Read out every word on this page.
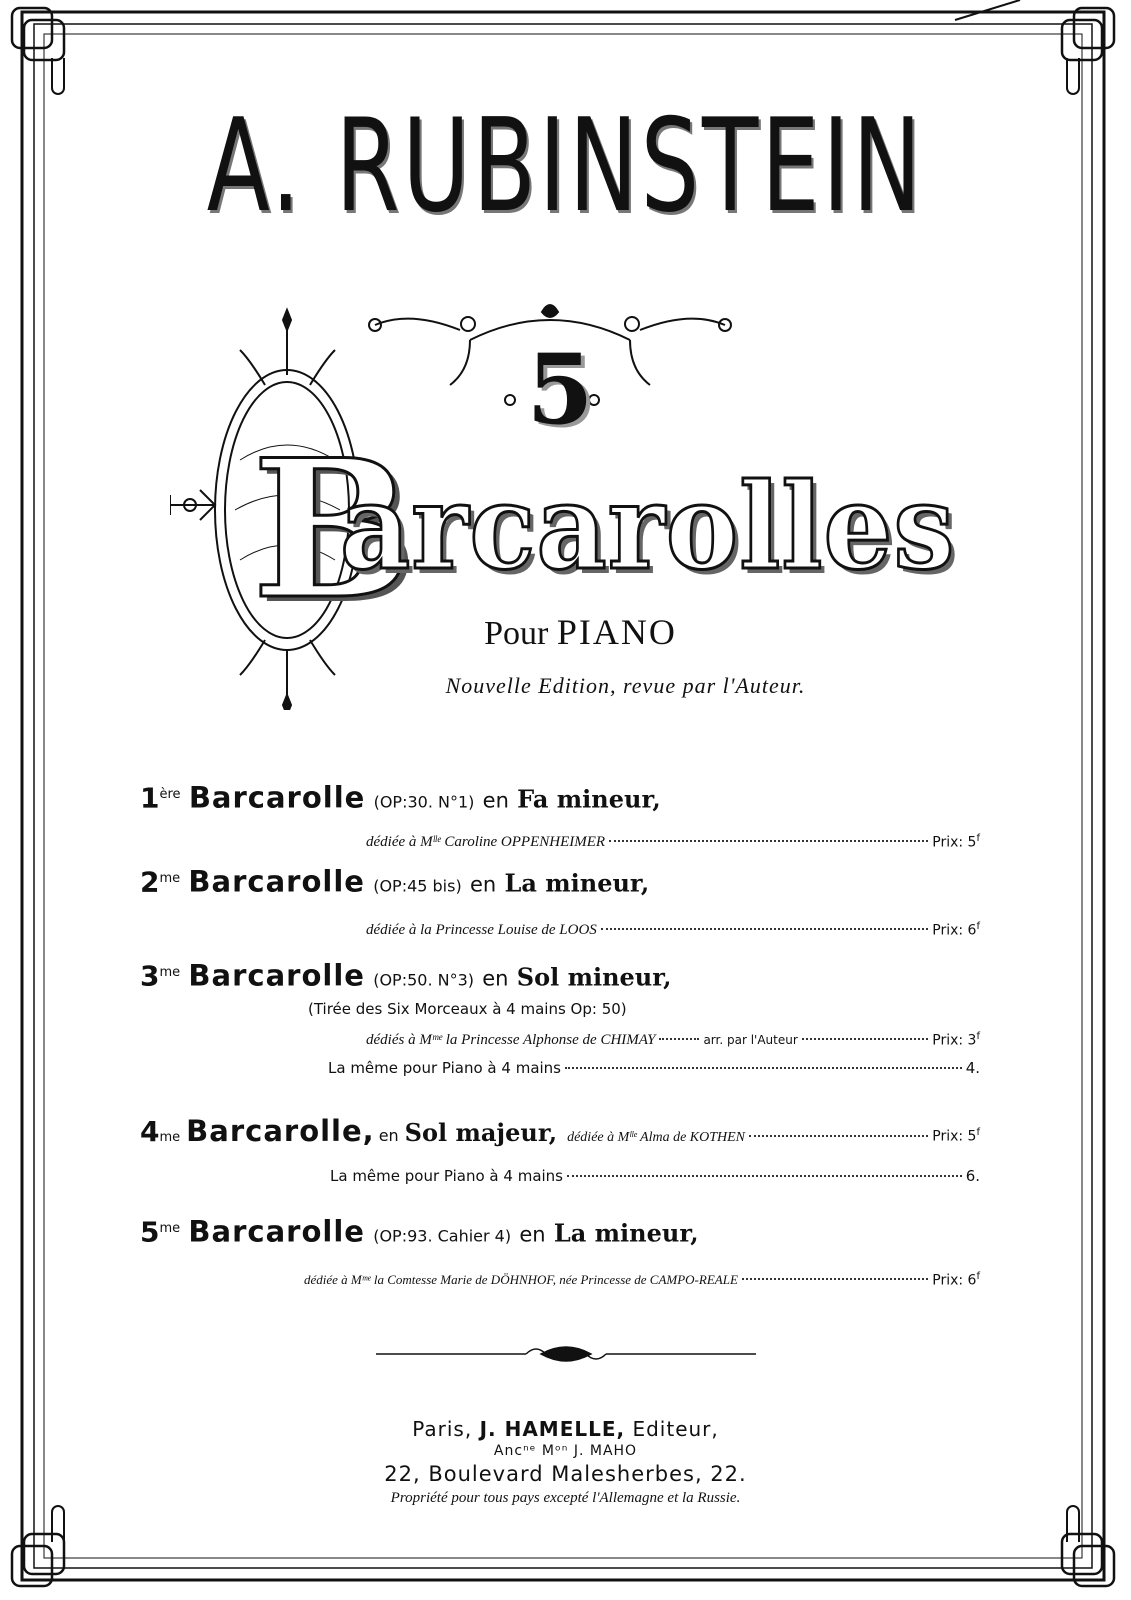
A. RUBINSTEIN
5
B
arcarolles
Pour PIANO
Nouvelle Edition, revue par l'Auteur.
1ère Barcarolle (OP:30. N°1) en Fa mineur,
dédiée à Mˡˡᵉ Caroline OPPENHEIMER	Prix: 5$^f$
$2^{me}$ Barcarolle (OP:45 bis) en La mineur,
dédiée à la Princesse Louise de LOOS	Prix: 6$^f$
$3^{me}$ Barcarolle (OP:50. N°3) en Sol mineur,
(Tirée des Six Morceaux à 4 mains Op: 50)
dédiés à Mᵐᵉ la Princesse Alphonse de CHIMAY	arr. par l'Auteur	Prix: 3$^f$
La même pour Piano à 4 mains	4.
$4_{me}$ Barcarolle, en Sol majeur, dédiée à Mˡˡᵉ Alma de KOTHEN	Prix: 5$^f$
La même pour Piano à 4 mains	6.
$5^{me}$ Barcarolle (OP:93. Cahier 4) en La mineur,
dédiée à Mᵐᵉ la Comtesse Marie de DÖHNHOF, née Princesse de CAMPO-REALE	Prix: 6$^f$
Paris, J. HAMELLE, Editeur,
Ancⁿᵉ Mᵒⁿ J. MAHO
22, Boulevard Malesherbes, 22.
Propriété pour tous pays excepté l'Allemagne et la Russie.
